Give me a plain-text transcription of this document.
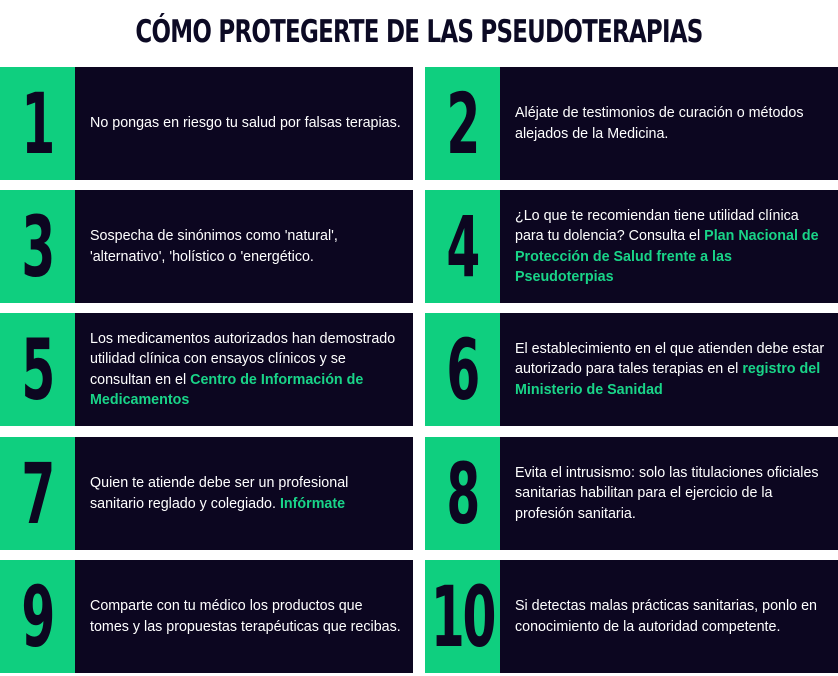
CÓMO PROTEGERTE DE LAS PSEUDOTERAPIAS
1	No pongas en riesgo tu salud por falsas terapias. 2	Aléjate de testimonios de curación o métodos alejados de la Medicina.

3	Sospecha de sinónimos como 'natural', 'alternativo', 'holístico o 'energético.	4	¿Lo que te recomiendan tiene utilidad clínica para tu dolencia? Consulta el Plan Nacional de Protección de Salud frente a las Pseudoterpias

5	Los medicamentos autorizados han demostrado utilidad clínica con ensayos clínicos y se consultan en el Centro de Información de Medicamentos	6	El establecimiento en el que atienden debe estar autorizado para tales terapias en el registro del Ministerio de Sanidad

7	Quien te atiende debe ser un profesional sanitario reglado y colegiado. Infórmate	8	Evita el intrusismo: solo las titulaciones oficiales sanitarias habilitan para el ejercicio de la profesión sanitaria.

9	Comparte con tu médico los productos que tomes y las propuestas terapéuticas que recibas. 10 Si detectas malas prácticas sanitarias, ponlo en conocimiento de la autoridad competente.
